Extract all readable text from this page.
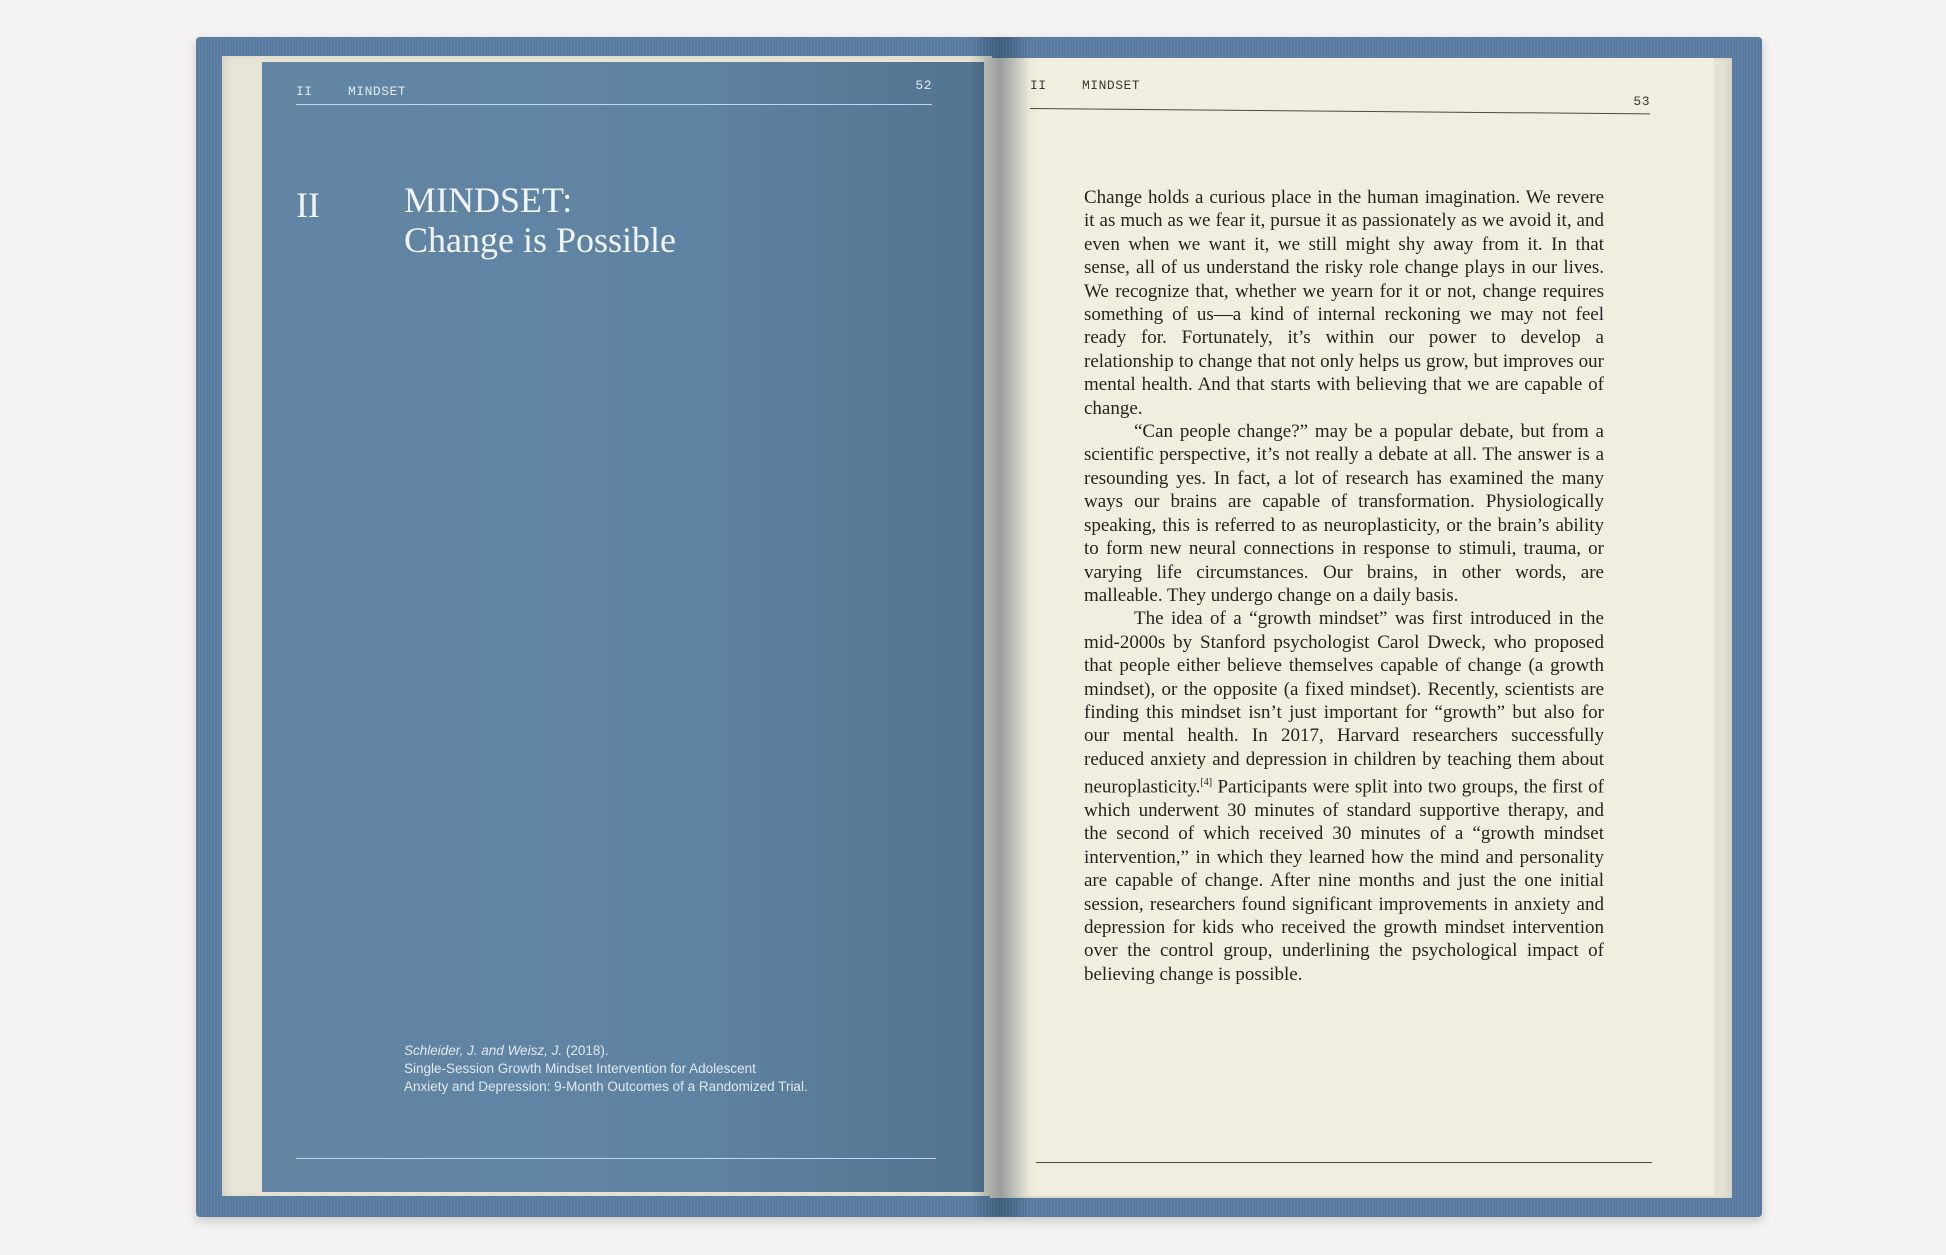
II	MINDSET	52
II MINDSET:
Change is Possible
Schleider, J. and Weisz, J. (2018).
Single-Session Growth Mindset Intervention for Adolescent
Anxiety and Depression: 9-Month Outcomes of a Randomized Trial.
II	MINDSET
53

Change holds a curious place in the human imagination. We revere it as much as we fear it, pursue it as passionately as we avoid it, and even when we want it, we still might shy away from it. In that sense, all of us understand the risky role change plays in our lives. We recognize that, whether we yearn for it or not, change requires something of us—a kind of internal reckoning we may not feel ready for. Fortunately, it’s within our power to develop a relationship to change that not only helps us grow, but improves our mental health. And that starts with believing that we are capable of change.

“Can people change?” may be a popular debate, but from a scientific perspective, it’s not really a debate at all. The answer is a resounding yes. In fact, a lot of research has examined the many ways our brains are capable of transformation. Physiologically speaking, this is referred to as neuroplasticity, or the brain’s ability to form new neural connections in response to stimuli, trauma, or varying life circumstances. Our brains, in other words, are malleable. They undergo change on a daily basis.

The idea of a “growth mindset” was first introduced in the mid-2000s by Stanford psychologist Carol Dweck, who proposed that people either believe themselves capable of change (a growth mindset), or the opposite (a fixed mindset). Recently, scientists are finding this mindset isn’t just important for “growth” but also for our mental health. In 2017, Harvard researchers successfully reduced anxiety and depression in children by teaching them about neuroplasticity.[4] Participants were split into two groups, the first of which underwent 30 minutes of standard supportive therapy, and the second of which received 30 minutes of a “growth mindset intervention,” in which they learned how the mind and personality are capable of change. After nine months and just the one initial session, researchers found significant improvements in anxiety and depression for kids who received the growth mindset intervention over the control group, underlining the psychological impact of believing change is possible.
